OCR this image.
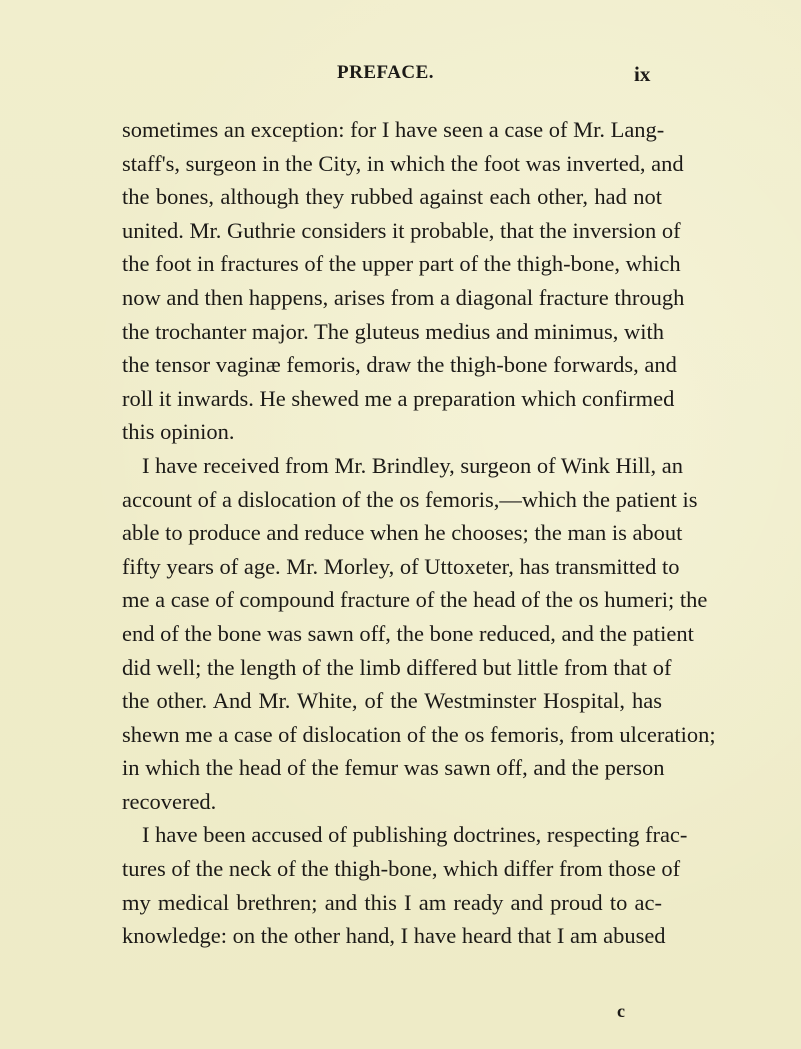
PREFACE.	ix
sometimes an exception: for I have seen a case of Mr. Lang-
staff's, surgeon in the City, in which the foot was inverted, and
the bones, although they rubbed against each other, had not
united. Mr. Guthrie considers it probable, that the inversion of
the foot in fractures of the upper part of the thigh-bone, which
now and then happens, arises from a diagonal fracture through
the trochanter major. The gluteus medius and minimus, with
the tensor vaginæ femoris, draw the thigh-bone forwards, and
roll it inwards. He shewed me a preparation which confirmed
this opinion.
I have received from Mr. Brindley, surgeon of Wink Hill, an
account of a dislocation of the os femoris,—which the patient is
able to produce and reduce when he chooses; the man is about
fifty years of age. Mr. Morley, of Uttoxeter, has transmitted to
me a case of compound fracture of the head of the os humeri; the
end of the bone was sawn off, the bone reduced, and the patient
did well; the length of the limb differed but little from that of
the other. And Mr. White, of the Westminster Hospital, has
shewn me a case of dislocation of the os femoris, from ulceration;
in which the head of the femur was sawn off, and the person
recovered.
I have been accused of publishing doctrines, respecting frac-
tures of the neck of the thigh-bone, which differ from those of
my medical brethren; and this I am ready and proud to ac-
knowledge: on the other hand, I have heard that I am abused
c
